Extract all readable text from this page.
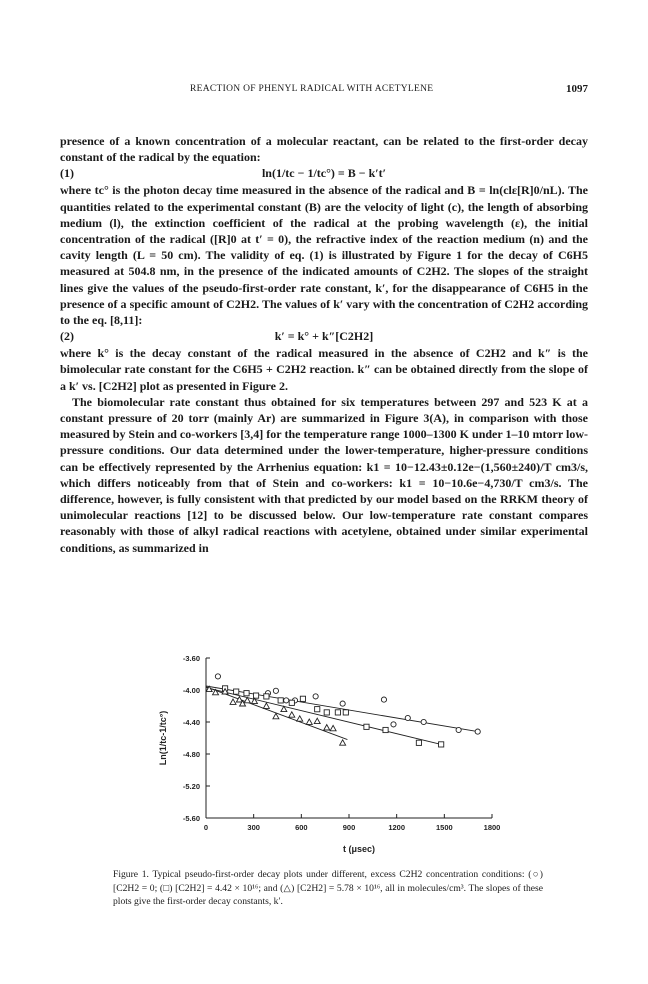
REACTION OF PHENYL RADICAL WITH ACETYLENE	1097

presence of a known concentration of a molecular reactant, can be related to the first-order decay constant of the radical by the equation:

(1)	ln(1/tc − 1/tc°) = B − k′t′

where tc° is the photon decay time measured in the absence of the radical and B = ln(clε[R]0/nL). The quantities related to the experimental constant (B) are the velocity of light (c), the length of absorbing medium (l), the extinction coefficient of the radical at the probing wavelength (ε), the initial concentration of the radical ([R]0 at t′ = 0), the refractive index of the reaction medium (n) and the cavity length (L = 50 cm). The validity of eq. (1) is illustrated by Figure 1 for the decay of C6H5 measured at 504.8 nm, in the presence of the indicated amounts of C2H2. The slopes of the straight lines give the values of the pseudo-first-order rate constant, k′, for the disappearance of C6H5 in the presence of a specific amount of C2H2. The values of k′ vary with the concentration of C2H2 according to the eq. [8,11]:

(2)	k′ = k° + k″[C2H2]

where k° is the decay constant of the radical measured in the absence of C2H2 and k″ is the bimolecular rate constant for the C6H5 + C2H2 reaction. k″ can be obtained directly from the slope of a k′ vs. [C2H2] plot as presented in Figure 2.

The biomolecular rate constant thus obtained for six temperatures between 297 and 523 K at a constant pressure of 20 torr (mainly Ar) are summarized in Figure 3(A), in comparison with those measured by Stein and co-workers [3,4] for the temperature range 1000–1300 K under 1–10 mtorr low-pressure conditions. Our data determined under the lower-temperature, higher-pressure conditions can be effectively represented by the Arrhenius equation: k1 = 10−12.43±0.12e−(1,560±240)/T cm3/s, which differs noticeably from that of Stein and co-workers: k1 = 10−10.6e−4,730/T cm3/s. The difference, however, is fully consistent with that predicted by our model based on the RRKM theory of unimolecular reactions [12] to be discussed below. Our low-temperature rate constant compares reasonably with those of alkyl radical reactions with acetylene, obtained under similar experimental conditions, as summarized in

-3.60
-4.00
-4.40
-4.80
-5.20
-5.60
0	300	600	900	1200	1500	1800
t (μsec)
Ln(1/tc-1/tc°)
Figure 1. Typical pseudo-first-order decay plots under different, excess C2H2 concentration conditions: (○) [C2H2 = 0; (□) [C2H2] = 4.42 × 10¹⁶; and (△) [C2H2] = 5.78 × 10¹⁶, all in molecules/cm³. The slopes of these plots give the first-order decay constants, k′.
